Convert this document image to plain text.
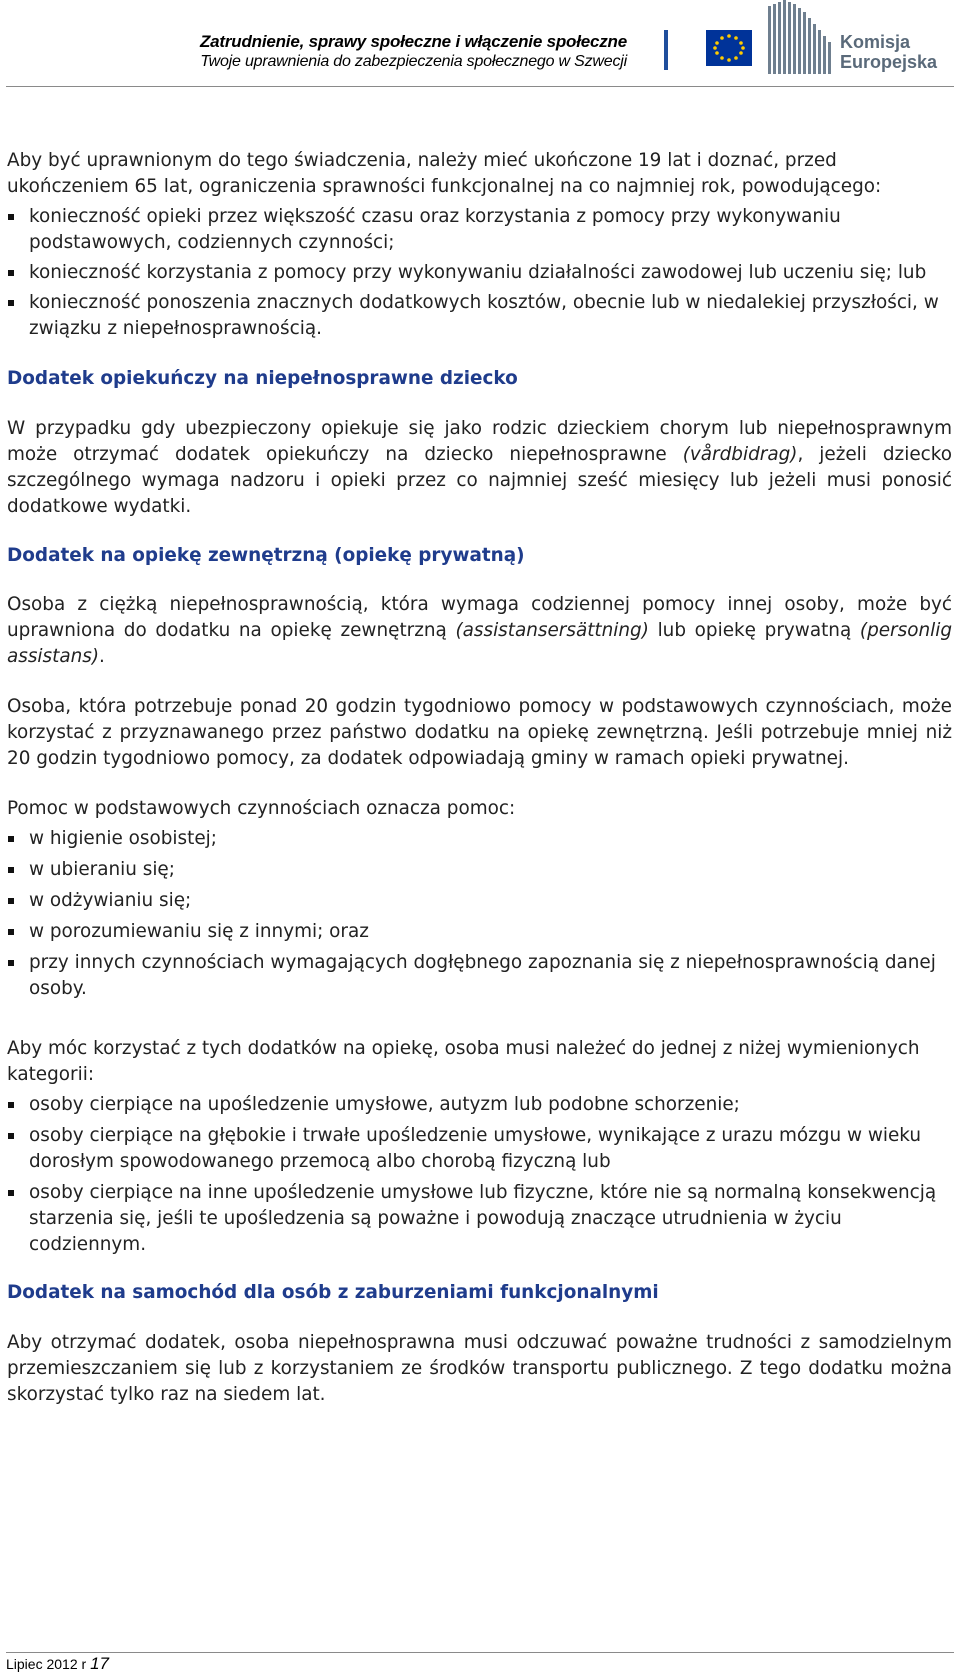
Zatrudnienie, sprawy społeczne i włączenie społeczne
Twoje uprawnienia do zabezpieczenia społecznego w Szwecji
Komisja
Europejska

Aby być uprawnionym do tego świadczenia, należy mieć ukończone 19 lat i doznać, przed ukończeniem 65 lat, ograniczenia sprawności funkcjonalnej na co najmniej rok, powodującego:

konieczność opieki przez większość czasu oraz korzystania z pomocy przy wykonywaniu podstawowych, codziennych czynności;
konieczność korzystania z pomocy przy wykonywaniu działalności zawodowej lub uczeniu się; lub
konieczność ponoszenia znacznych dodatkowych kosztów, obecnie lub w niedalekiej przyszłości, w związku z niepełnosprawnością.
Dodatek opiekuńczy na niepełnosprawne dziecko

W przypadku gdy ubezpieczony opiekuje się jako rodzic dzieckiem chorym lub niepełnosprawnym może otrzymać dodatek opiekuńczy na dziecko niepełnosprawne (vårdbidrag), jeżeli dziecko szczególnego wymaga nadzoru i opieki przez co najmniej sześć miesięcy lub jeżeli musi ponosić dodatkowe wydatki.

Dodatek na opiekę zewnętrzną (opiekę prywatną)

Osoba z ciężką niepełnosprawnością, która wymaga codziennej pomocy innej osoby, może być uprawniona do dodatku na opiekę zewnętrzną (assistansersättning) lub opiekę prywatną (personlig assistans).

Osoba, która potrzebuje ponad 20 godzin tygodniowo pomocy w podstawowych czynnościach, może korzystać z przyznawanego przez państwo dodatku na opiekę zewnętrzną. Jeśli potrzebuje mniej niż 20 godzin tygodniowo pomocy, za dodatek odpowiadają gminy w ramach opieki prywatnej.

Pomoc w podstawowych czynnościach oznacza pomoc:

w higienie osobistej;
w ubieraniu się;
w odżywianiu się;
w porozumiewaniu się z innymi; oraz
przy innych czynnościach wymagających dogłębnego zapoznania się z niepełnosprawnością danej osoby.

Aby móc korzystać z tych dodatków na opiekę, osoba musi należeć do jednej z niżej wymienionych kategorii:

osoby cierpiące na upośledzenie umysłowe, autyzm lub podobne schorzenie;
osoby cierpiące na głębokie i trwałe upośledzenie umysłowe, wynikające z urazu mózgu w wieku dorosłym spowodowanego przemocą albo chorobą fizyczną lub
osoby cierpiące na inne upośledzenie umysłowe lub fizyczne, które nie są normalną konsekwencją starzenia się, jeśli te upośledzenia są poważne i powodują znaczące utrudnienia w życiu codziennym.
Dodatek na samochód dla osób z zaburzeniami funkcjonalnymi

Aby otrzymać dodatek, osoba niepełnosprawna musi odczuwać poważne trudności z samodzielnym przemieszczaniem się lub z korzystaniem ze środków transportu publicznego. Z tego dodatku można skorzystać tylko raz na siedem lat.

Lipiec 2012 r 17
